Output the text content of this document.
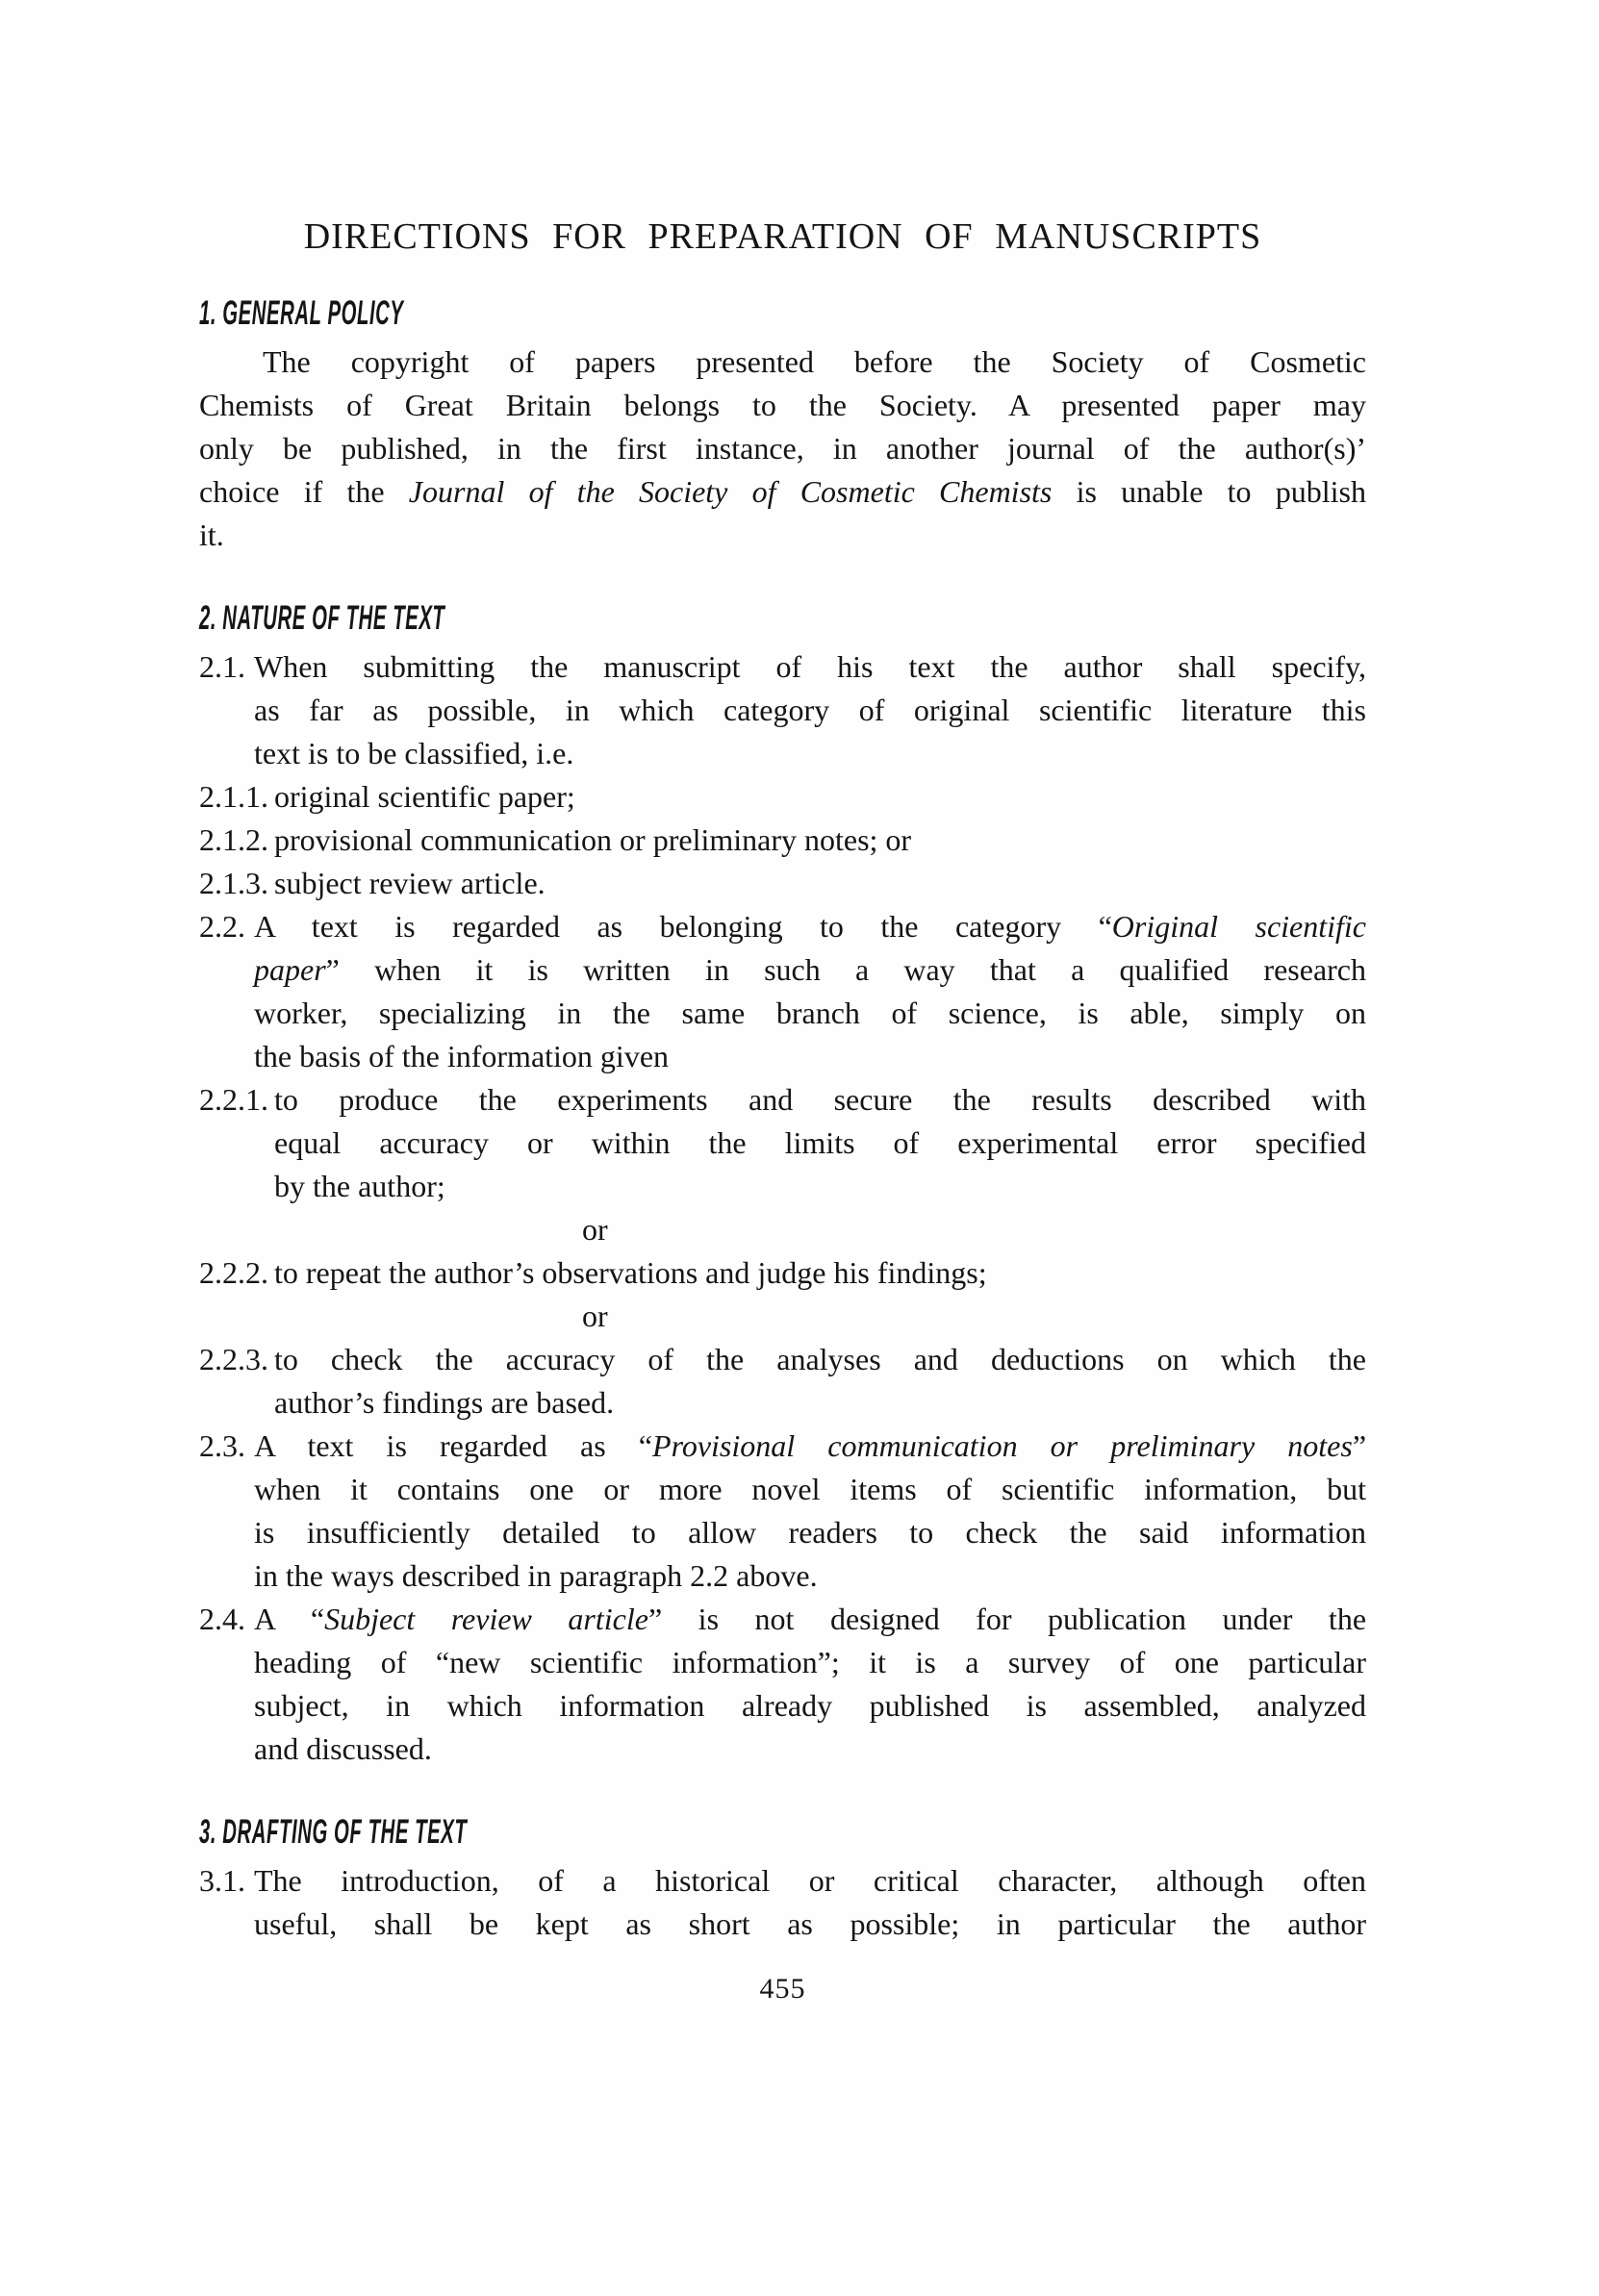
DIRECTIONS FOR PREPARATION OF MANUSCRIPTS
1. GENERAL POLICY
The copyright of papers presented before the Society of Cosmetic
Chemists of Great Britain belongs to the Society. A presented paper may
only be published, in the first instance, in another journal of the author(s)’
choice if the Journal of the Society of Cosmetic Chemists is unable to publish
it.
2. NATURE OF THE TEXT
2.1. When submitting the manuscript of his text the author shall specify,
as far as possible, in which category of original scientific literature this
text is to be classified, i.e.
2.1.1. original scientific paper;
2.1.2. provisional communication or preliminary notes; or
2.1.3. subject review article.
2.2. A text is regarded as belonging to the category “Original scientific
paper” when it is written in such a way that a qualified research
worker, specializing in the same branch of science, is able, simply on
the basis of the information given
2.2.1. to produce the experiments and secure the results described with
equal accuracy or within the limits of experimental error specified
by the author;
or
2.2.2. to repeat the author’s observations and judge his findings;
or
2.2.3. to check the accuracy of the analyses and deductions on which the
author’s findings are based.
2.3. A text is regarded as “Provisional communication or preliminary notes”
when it contains one or more novel items of scientific information, but
is insufficiently detailed to allow readers to check the said information
in the ways described in paragraph 2.2 above.
2.4. A “Subject review article” is not designed for publication under the
heading of “new scientific information”; it is a survey of one particular
subject, in which information already published is assembled, analyzed
and discussed.
3. DRAFTING OF THE TEXT
3.1. The introduction, of a historical or critical character, although often
useful, shall be kept as short as possible; in particular the author
455
